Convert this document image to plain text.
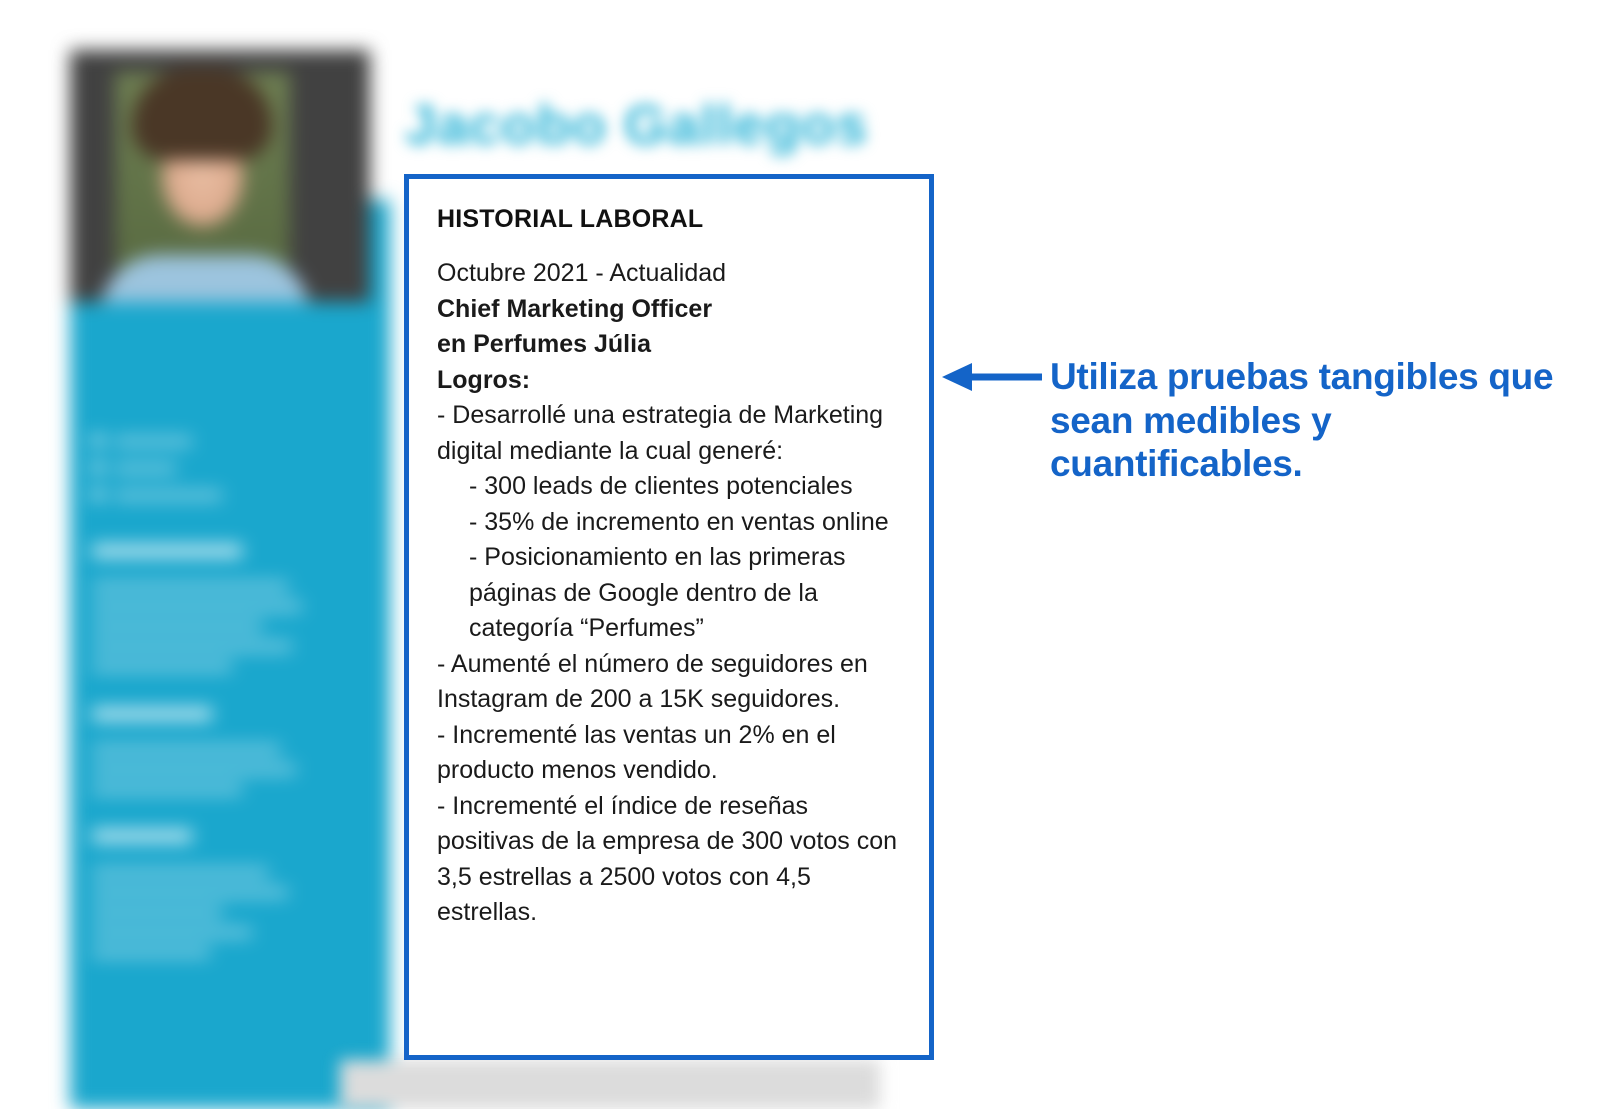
Jacobo Gallegos
HISTORIAL LABORAL

Octubre 2021 - Actualidad

Chief Marketing Officer

en Perfumes Júlia

Logros:

- Desarrollé una estrategia de Marketing digital mediante la cual generé:

- 300 leads de clientes potenciales

- 35% de incremento en ventas online

- Posicionamiento en las primeras páginas de Google dentro de la categoría “Perfumes”

- Aumenté el número de seguidores en Instagram de 200 a 15K seguidores.

- Incrementé las ventas un 2% en el producto menos vendido.

- Incrementé el índice de reseñas positivas de la empresa de 300 votos con 3,5 estrellas a 2500 votos con 4,5 estrellas.

Utiliza pruebas tangibles que sean medibles y cuantificables.
